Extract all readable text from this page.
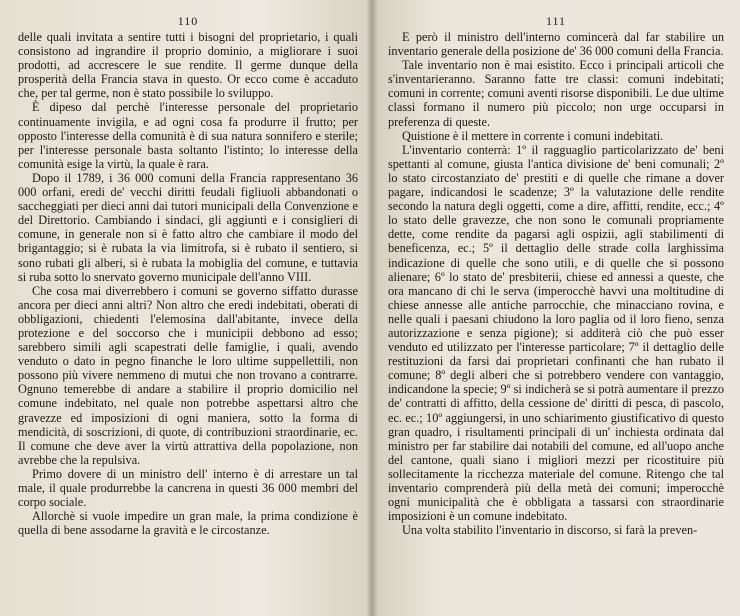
110

delle quali invitata a sentire tutti i bisogni del proprietario, i quali consistono ad ingrandire il proprio dominio, a migliorare i suoi prodotti, ad accrescere le sue rendite. Il germe dunque della prosperità della Francia stava in questo. Or ecco come è accaduto che, per tal germe, non è stato possibile lo sviluppo.

È dipeso dal perchè l'interesse personale del proprietario continuamente invigila, e ad ogni cosa fa produrre il frutto; per opposto l'interesse della comunità è di sua natura sonnifero e sterile; per l'interesse personale basta soltanto l'istinto; lo interesse della comunità esige la virtù, la quale è rara.

Dopo il 1789, i 36 000 comuni della Francia rappresentano 36 000 orfani, eredi de' vecchi diritti feudali figliuoli abbandonati o saccheggiati per dieci anni dai tutori municipali della Convenzione e del Direttorio. Cambiando i sindaci, gli aggiunti e i consiglieri di comune, in generale non si è fatto altro che cambiare il modo del brigantaggio; si è rubata la via limitrofa, si è rubato il sentiero, si sono rubati gli alberi, si è rubata la mobiglia del comune, e tuttavia si ruba sotto lo snervato governo municipale dell'anno VIII.

Che cosa mai diverrebbero i comuni se governo siffatto durasse ancora per dieci anni altri? Non altro che eredi indebitati, oberati di obbligazioni, chiedenti l'elemosina dall'abitante, invece della protezione e del soccorso che i municipii debbono ad esso; sarebbero simili agli scapestrati delle famiglie, i quali, avendo venduto o dato in pegno finanche le loro ultime suppellettili, non possono più vivere nemmeno di mutui che non trovano a contrarre. Ognuno temerebbe di andare a stabilire il proprio domicilio nel comune indebitato, nel quale non potrebbe aspettarsi altro che gravezze ed imposizioni di ogni maniera, sotto la forma di mendicità, di soscrizioni, di quote, di contribuzioni straordinarie, ec. Il comune che deve aver la virtù attrattiva della popolazione, non avrebbe che la repulsiva.

Primo dovere di un ministro dell' interno è di arrestare un tal male, il quale produrrebbe la cancrena in questi 36 000 membri del corpo sociale.

Allorchè si vuole impedire un gran male, la prima condizione è quella di bene assodarne la gravità e le circostanze.

111

E però il ministro dell'interno comincerà dal far stabilire un inventario generale della posizione de' 36 000 comuni della Francia.

Tale inventario non è mai esistito. Ecco i principali articoli che s'inventarieranno. Saranno fatte tre classi: comuni indebitati; comuni in corrente; comuni aventi risorse disponibili. Le due ultime classi formano il numero più piccolo; non urge occuparsi in preferenza di queste.

Quistione è il mettere in corrente i comuni indebitati.

L'inventario conterrà: 1º il ragguaglio particolarizzato de' beni spettanti al comune, giusta l'antica divisione de' beni comunali; 2º lo stato circostanziato de' prestiti e di quelle che rimane a dover pagare, indicandosi le scadenze; 3º la valutazione delle rendite secondo la natura degli oggetti, come a dire, affitti, rendite, ecc.; 4º lo stato delle gravezze, che non sono le comunali propriamente dette, come rendite da pagarsi agli ospizii, agli stabilimenti di beneficenza, ec.; 5º il dettaglio delle strade colla larghissima indicazione di quelle che sono utili, e di quelle che si possono alienare; 6º lo stato de' presbiterii, chiese ed annessi a queste, che ora mancano di chi le serva (imperocchè havvi una moltitudine di chiese annesse alle antiche parrocchie, che minacciano rovina, e nelle quali i paesani chiudono la loro paglia od il loro fieno, senza autorizzazione e senza pigione); si additerà ciò che può esser venduto ed utilizzato per l'interesse particolare; 7º il dettaglio delle restituzioni da farsi dai proprietari confinanti che han rubato il comune; 8º degli alberi che si potrebbero vendere con vantaggio, indicandone la specie; 9º si indicherà se si potrà aumentare il prezzo de' contratti di affitto, della cessione de' diritti di pesca, di pascolo, ec. ec.; 10º aggiungersi, in uno schiarimento giustificativo di questo gran quadro, i risultamenti principali di un' inchiesta ordinata dal ministro per far stabilire dai notabili del comune, ed all'uopo anche del cantone, quali siano i migliori mezzi per ricostituire più sollecitamente la ricchezza materiale del comune. Ritengo che tal inventario comprenderà più della metà dei comuni; imperocchè ogni municipalità che è obbligata a tassarsi con straordinarie imposizioni è un comune indebitato.

Una volta stabilito l'inventario in discorso, si farà la preven-
